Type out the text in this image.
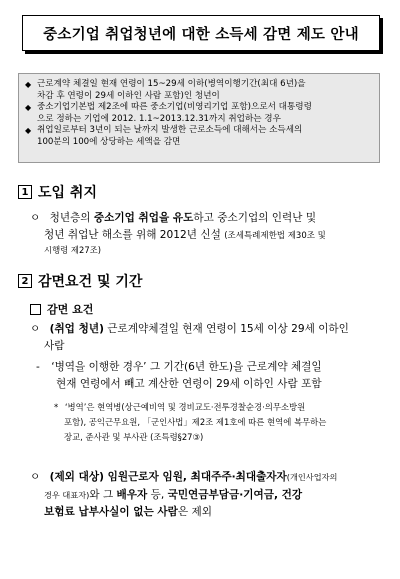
중소기업 취업청년에 대한 소득세 감면 제도 안내
◆ 근로계약 체결일 현재 연령이 15~29세 이하(병역이행기간(최대 6년)을
차감 후 연령이 29세 이하인 사람 포함)인 청년이
◆ 중소기업기본법 제2조에 따른 중소기업(비영리기업 포함)으로서 대통령령
으로 정하는 기업에 2012. 1.1~2013.12.31까지 취업하는 경우
◆ 취업일로부터 3년이 되는 날까지 발생한 근로소득에 대해서는 소득세의
100분의 100에 상당하는 세액을 감면
1 도입 취지
ㅇ 청년층의 중소기업 취업을 유도하고 중소기업의 인력난 및
청년 취업난 해소를 위해 2012년 신설 (조세특례제한법 제30조 및
시행령 제27조)
2 감면요건 및 기간
감면 요건
ㅇ (취업 청년) 근로계약체결일 현재 연령이 15세 이상 29세 이하인
사람
- ‘병역을 이행한 경우’ 그 기간(6년 한도)을 근로계약 체결일
현재 연령에서 빼고 계산한 연령이 29세 이하인 사람 포함
* ‘병역’은 현역병(상근예비역 및 경비교도·전투경찰순경·의무소방원
포함), 공익근무요원, 「군인사법」제2조 제1호에 따른 현역에 복무하는
장교, 준사관 및 부사관 (조특령§27③)
ㅇ (제외 대상) 임원근로자 임원, 최대주주·최대출자자(개인사업자의
경우 대표자)와 그 배우자 등, 국민연금부담금·기여금, 건강
보험료 납부사실이 없는 사람은 제외
